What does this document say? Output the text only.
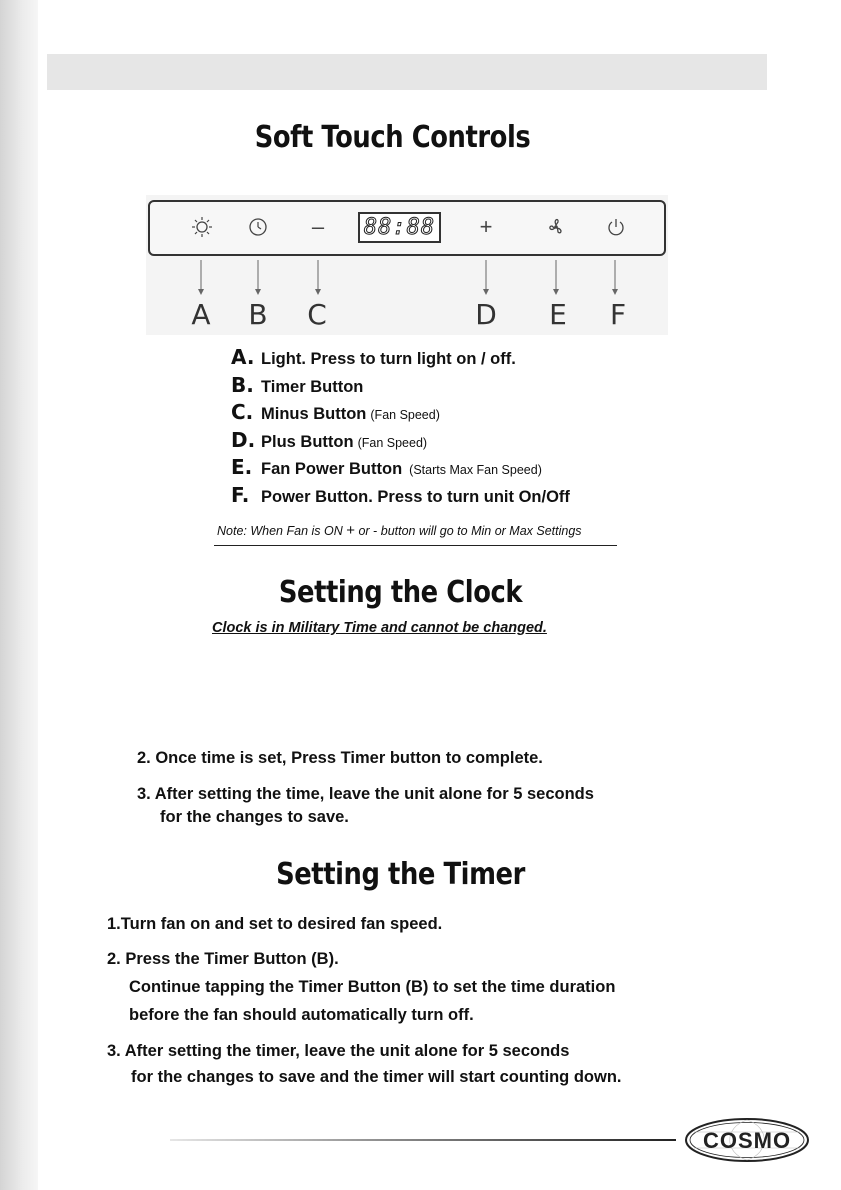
Soft Touch Controls
– 88:88 +
A B C	D E F
A. Light. Press to turn light on / off.
B. Timer Button
C. Minus Button (Fan Speed)
D. Plus Button (Fan Speed)
E. Fan Power Button (Starts Max Fan Speed)
F. Power Button. Press to turn unit On/Off
Note: When Fan is ON + or - button will go to Min or Max Settings
Setting the Clock
Clock is in Military Time and cannot be changed.
2. Once time is set, Press Timer button to complete.
3. After setting the time, leave the unit alone for 5 seconds
for the changes to save.
Setting the Timer
1.Turn fan on and set to desired fan speed.
2. Press the Timer Button (B).
Continue tapping the Timer Button (B) to set the time duration
before the fan should automatically turn off.
3. After setting the timer, leave the unit alone for 5 seconds
for the changes to save and the timer will start counting down.
COSMO
